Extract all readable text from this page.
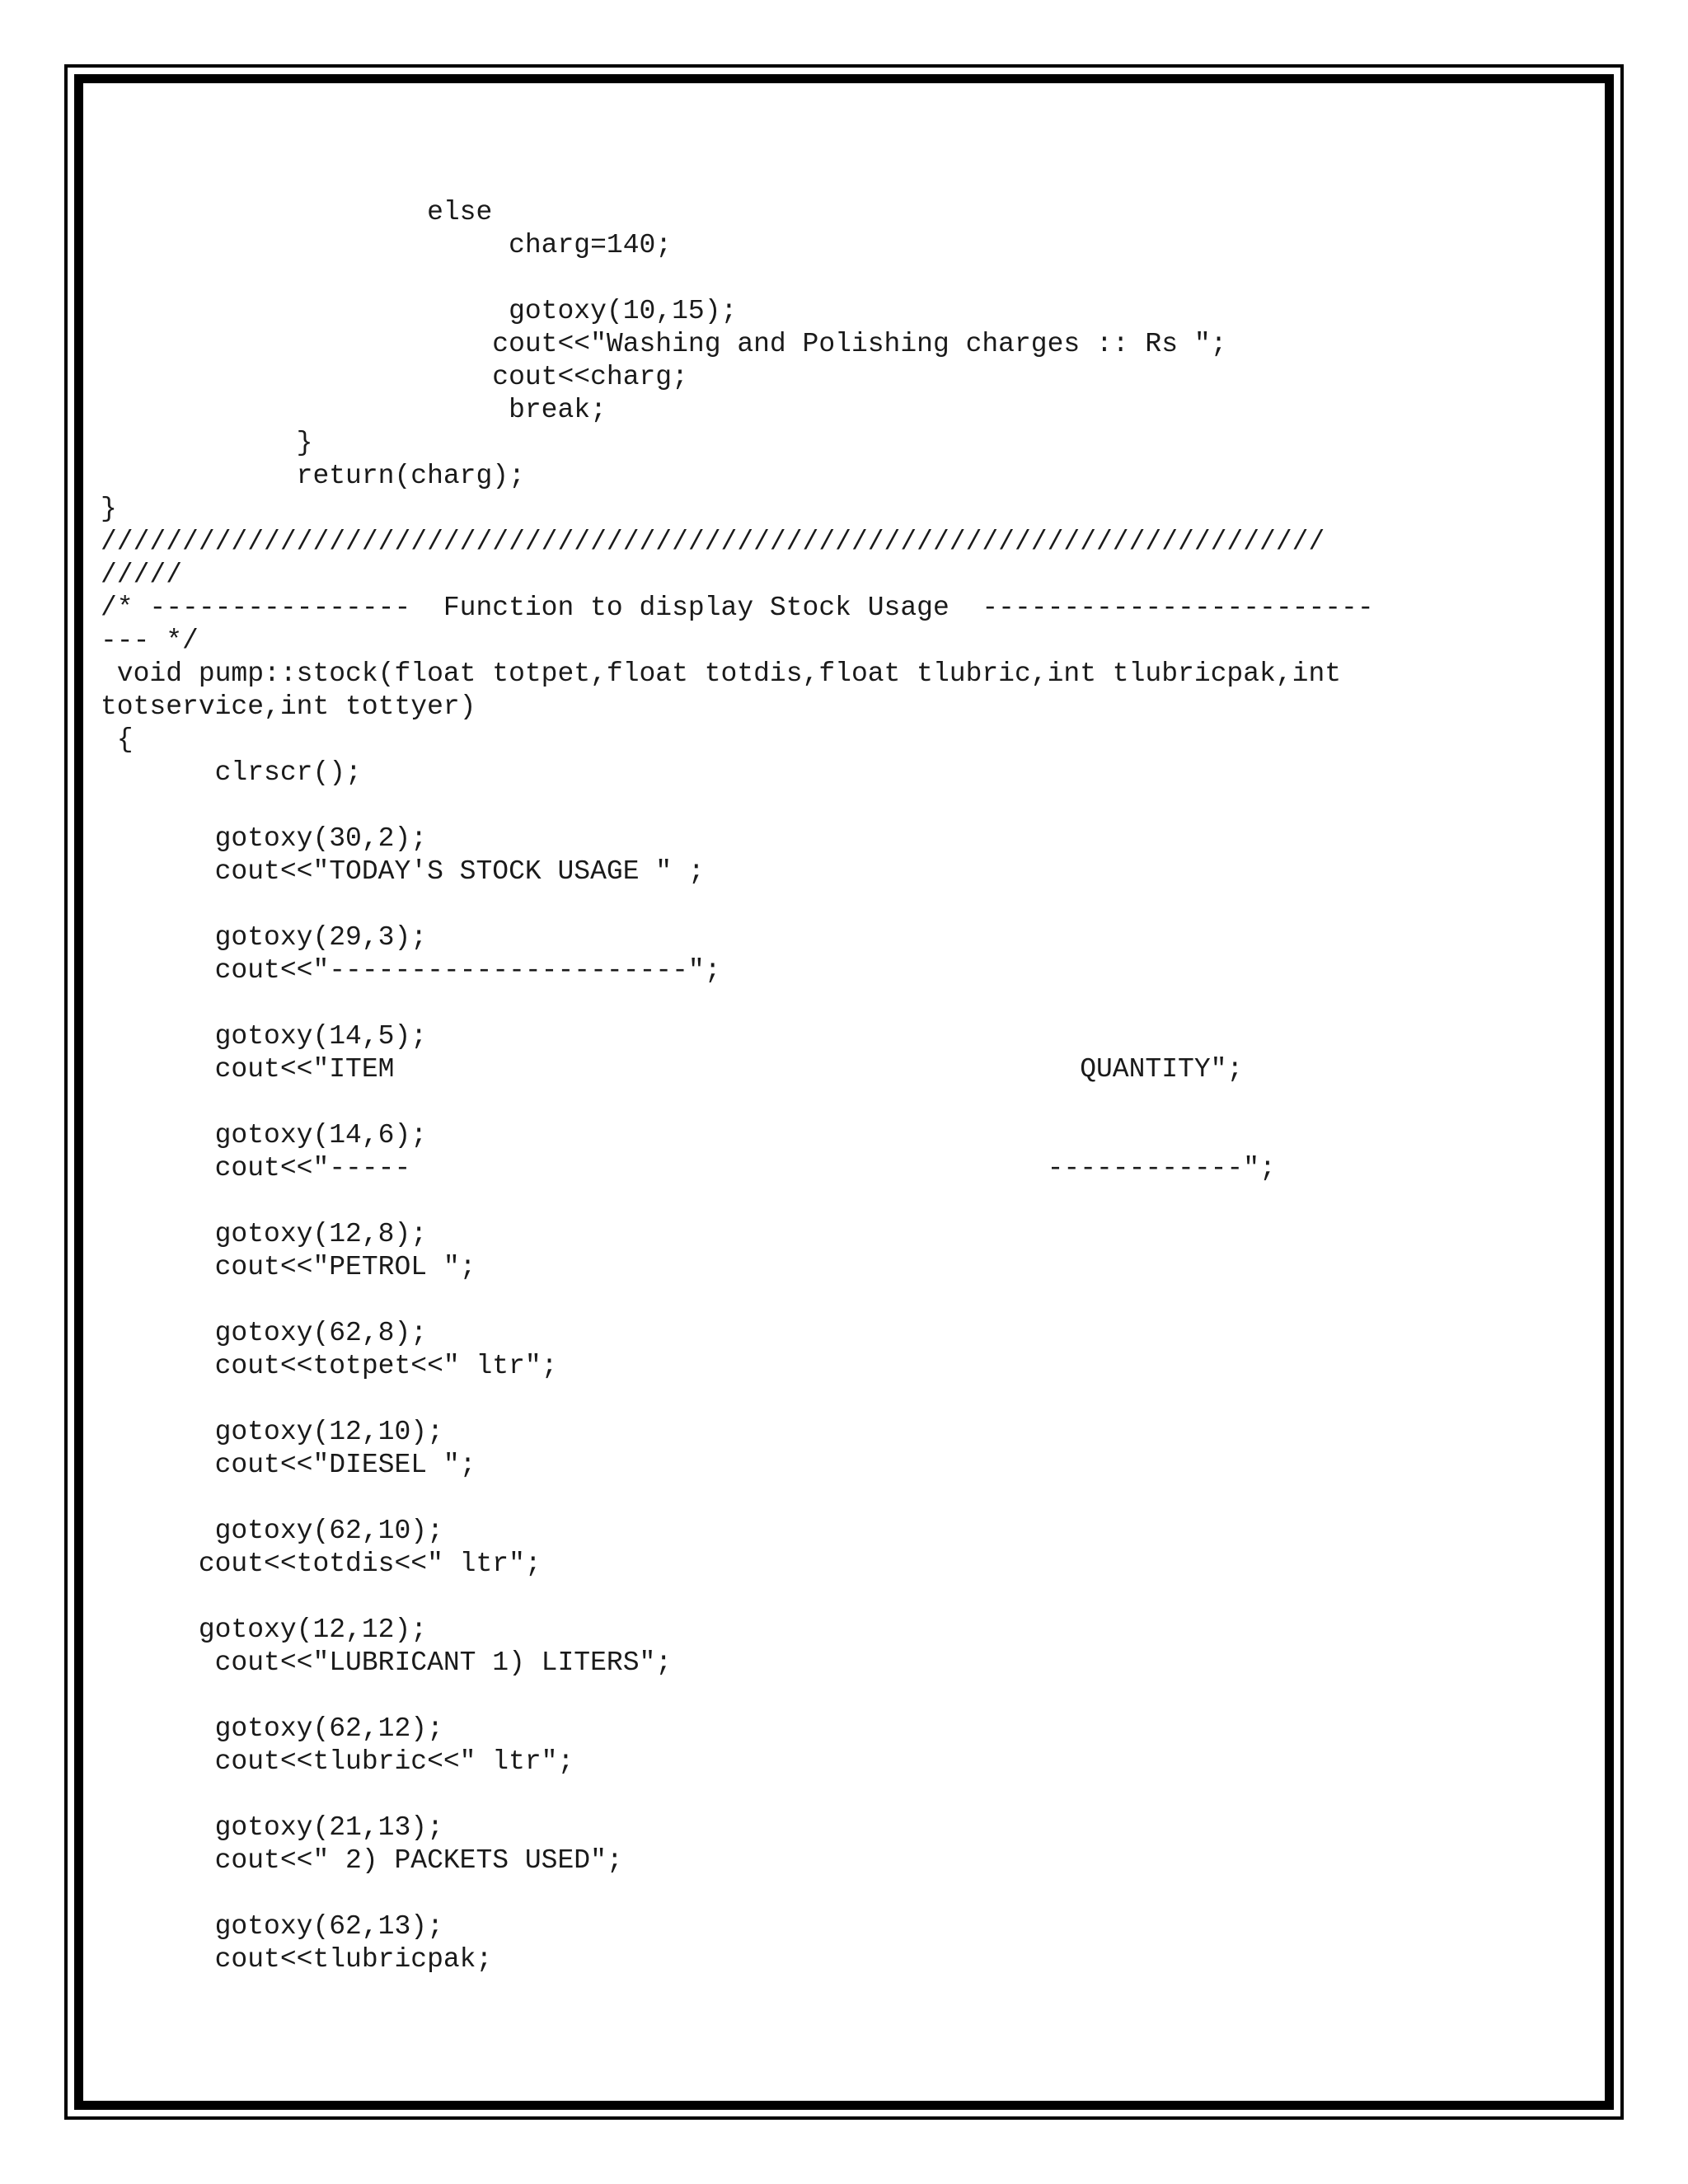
else
charg=140;
gotoxy(10,15);
cout<<"Washing and Polishing charges :: Rs ";
cout<<charg;
break;
}
return(charg);
}
///////////////////////////////////////////////////////////////////////////
/////
/* ----------------  Function to display Stock Usage  ------------------------
--- */
void pump::stock(float totpet,float totdis,float tlubric,int tlubricpak,int
totservice,int tottyer)
{
clrscr();
gotoxy(30,2);
cout<<"TODAY'S STOCK USAGE " ;
gotoxy(29,3);
cout<<"----------------------";
gotoxy(14,5);
cout<<"ITEM                                          QUANTITY";
gotoxy(14,6);
cout<<"-----                                       ------------";
gotoxy(12,8);
cout<<"PETROL ";
gotoxy(62,8);
cout<<totpet<<" ltr";
gotoxy(12,10);
cout<<"DIESEL ";
gotoxy(62,10);
cout<<totdis<<" ltr";
gotoxy(12,12);
cout<<"LUBRICANT 1) LITERS";
gotoxy(62,12);
cout<<tlubric<<" ltr";
gotoxy(21,13);
cout<<" 2) PACKETS USED";
gotoxy(62,13);
cout<<tlubricpak;
